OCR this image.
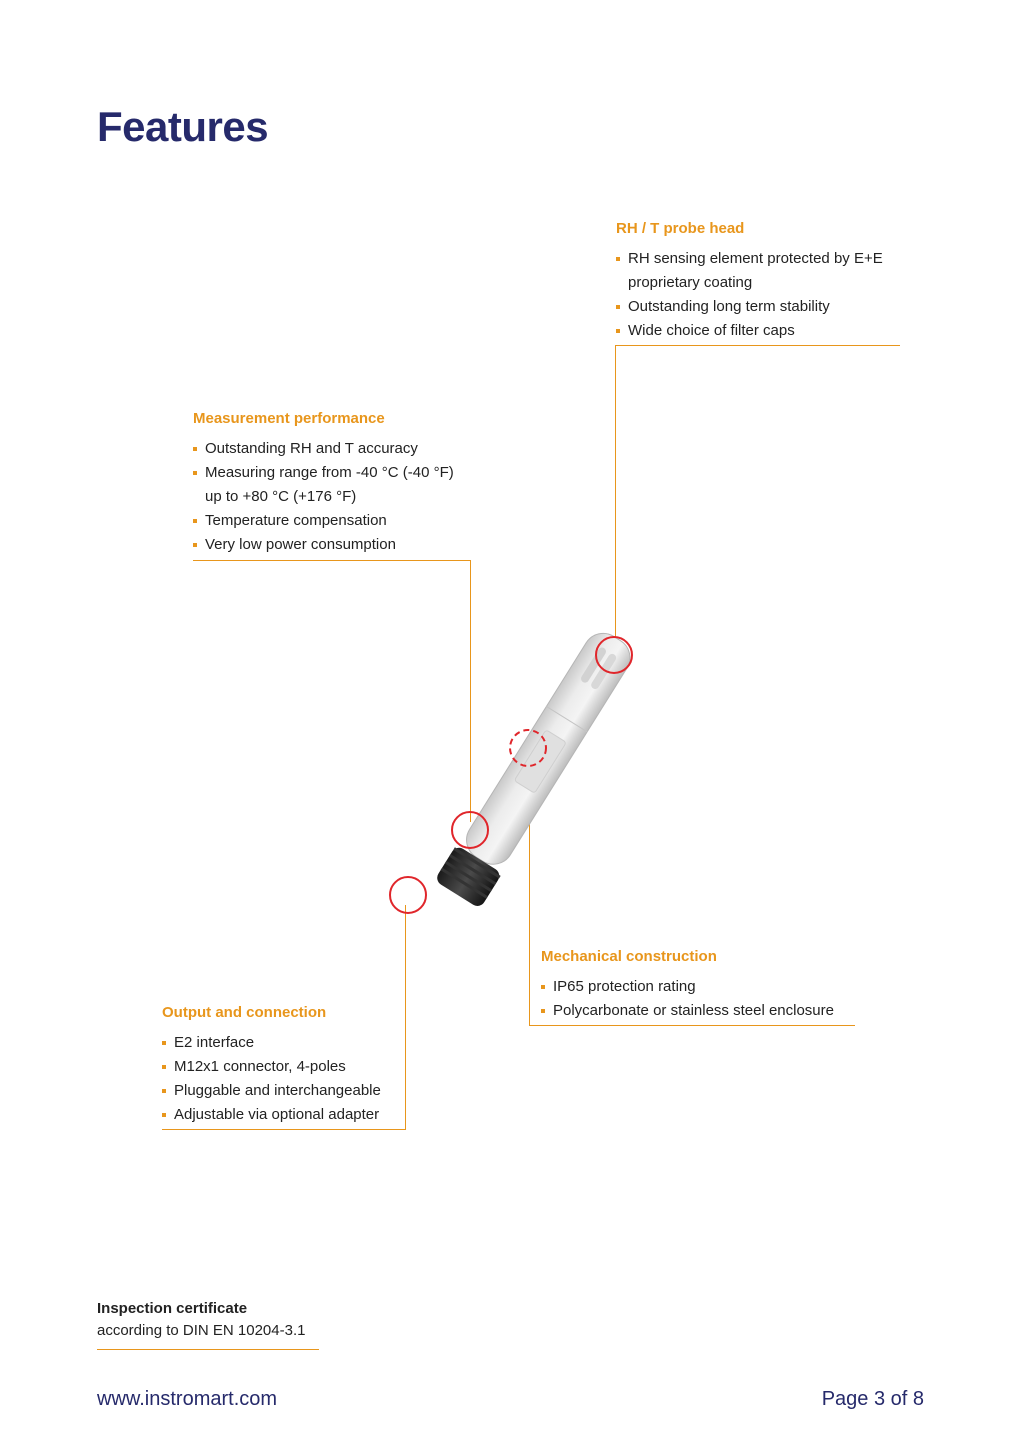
Features
RH / T probe head
RH sensing element protected by E+E
proprietary coating
Outstanding long term stability
Wide choice of filter caps
Measurement performance
Outstanding RH and T accuracy
Measuring range from -40 °C (-40 °F)
up to +80 °C (+176 °F)
Temperature compensation
Very low power consumption
Mechanical construction
IP65 protection rating
Polycarbonate or stainless steel enclosure
Output and connection
E2 interface
M12x1 connector, 4-poles
Pluggable and interchangeable
Adjustable via optional adapter
Inspection certificate
according to DIN EN 10204-3.1
www.instromart.com	Page 3 of 8
